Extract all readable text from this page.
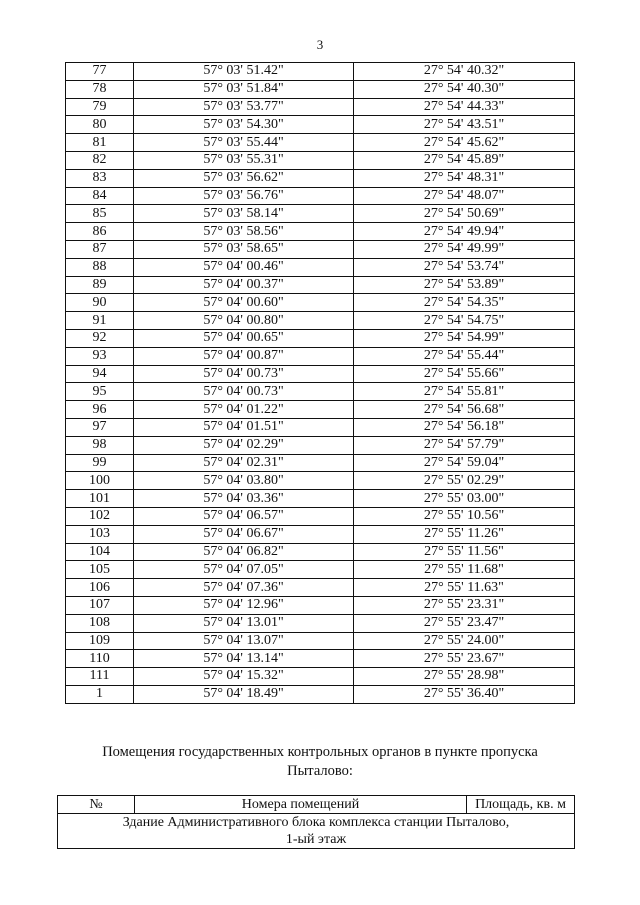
3
77	57° 03' 51.42"	27° 54' 40.32"
78	57° 03' 51.84"	27° 54' 40.30"
79	57° 03' 53.77"	27° 54' 44.33"
80	57° 03' 54.30"	27° 54' 43.51"
81	57° 03' 55.44"	27° 54' 45.62"
82	57° 03' 55.31"	27° 54' 45.89"
83	57° 03' 56.62"	27° 54' 48.31"
84	57° 03' 56.76"	27° 54' 48.07"
85	57° 03' 58.14"	27° 54' 50.69"
86	57° 03' 58.56"	27° 54' 49.94"
87	57° 03' 58.65"	27° 54' 49.99"
88	57° 04' 00.46"	27° 54' 53.74"
89	57° 04' 00.37"	27° 54' 53.89"
90	57° 04' 00.60"	27° 54' 54.35"
91	57° 04' 00.80"	27° 54' 54.75"
92	57° 04' 00.65"	27° 54' 54.99"
93	57° 04' 00.87"	27° 54' 55.44"
94	57° 04' 00.73"	27° 54' 55.66"
95	57° 04' 00.73"	27° 54' 55.81"
96	57° 04' 01.22"	27° 54' 56.68"
97	57° 04' 01.51"	27° 54' 56.18"
98	57° 04' 02.29"	27° 54' 57.79"
99	57° 04' 02.31"	27° 54' 59.04"
100	57° 04' 03.80"	27° 55' 02.29"
101	57° 04' 03.36"	27° 55' 03.00"
102	57° 04' 06.57"	27° 55' 10.56"
103	57° 04' 06.67"	27° 55' 11.26"
104	57° 04' 06.82"	27° 55' 11.56"
105	57° 04' 07.05"	27° 55' 11.68"
106	57° 04' 07.36"	27° 55' 11.63"
107	57° 04' 12.96"	27° 55' 23.31"
108	57° 04' 13.01"	27° 55' 23.47"
109	57° 04' 13.07"	27° 55' 24.00"
110	57° 04' 13.14"	27° 55' 23.67"
111	57° 04' 15.32"	27° 55' 28.98"
1	57° 04' 18.49"	27° 55' 36.40"
Помещения государственных контрольных органов в пункте пропуска
Пыталово:
№	Номера помещений	Площадь, кв. м

Здание Административного блока комплекса станции Пыталово,
1-ый этаж
